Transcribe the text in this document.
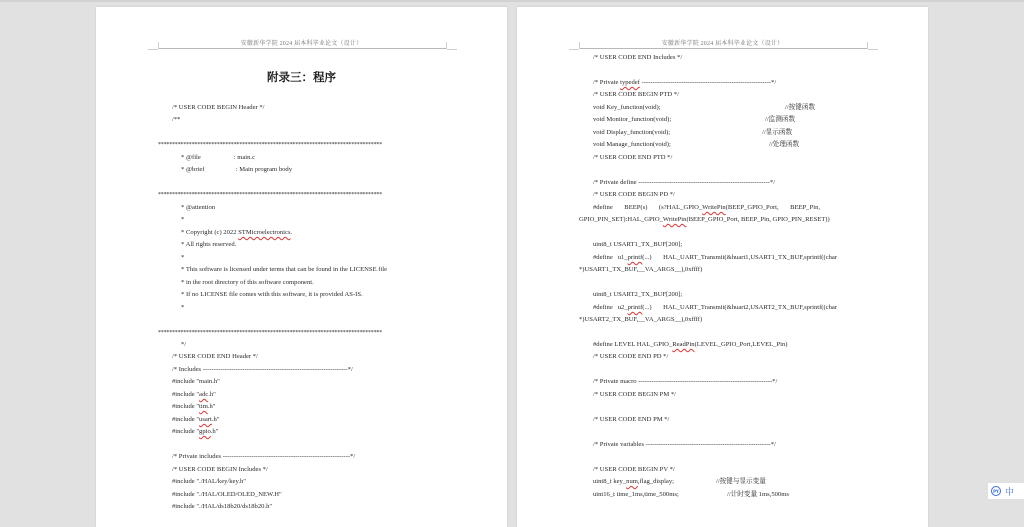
安徽新华学院 2024 届本科毕业论文（设计）
附录三：程序
/* USER CODE BEGIN Header */
/**
********************************************************************************
* @file                    : main.c
* @brief                   : Main program body
********************************************************************************
* @attention
*
* Copyright (c) 2022 STMicroelectronics.
* All rights reserved.
*
* This software is licensed under terms that can be found in the LICENSE file
* in the root directory of this software component.
* If no LICENSE file comes with this software, it is provided AS-IS.
*
********************************************************************************
*/
/* USER CODE END Header */
/* Includes ------------------------------------------------------------------*/
#include "main.h"
#include "adc.h"
#include "tim.h"
#include "usart.h"
#include "gpio.h"
/* Private includes ----------------------------------------------------------*/
/* USER CODE BEGIN Includes */
#include "./HAL/key/key.h"
#include "./HAL/OLED/OLED_NEW.H"
#include "./HAL/ds18b20/ds18b20.h"
安徽新华学院 2024 届本科毕业论文（设计）
/* USER CODE END Includes */
/* Private typedef -----------------------------------------------------------*/
/* USER CODE BEGIN PTD */
void Key_function(void);	//按键函数
void Monitor_function(void);	//监测函数
void Display_function(void);	//显示函数
void Manage_function(void);	//处理函数
/* USER CODE END PTD */
/* Private define ------------------------------------------------------------*/
/* USER CODE BEGIN PD */
#define       BEEP(s)       (s?HAL_GPIO_WritePin(BEEP_GPIO_Port,       BEEP_Pin,
GPIO_PIN_SET):HAL_GPIO_WritePin(BEEP_GPIO_Port, BEEP_Pin, GPIO_PIN_RESET))
uint8_t USART1_TX_BUF[200];
#define   u1_printf(...)       HAL_UART_Transmit(&huart1,USART1_TX_BUF,sprintf((char
*)USART1_TX_BUF,__VA_ARGS__),0xffff)
uint8_t USART2_TX_BUF[200];
#define   u2_printf(...)       HAL_UART_Transmit(&huart2,USART2_TX_BUF,sprintf((char
*)USART2_TX_BUF,__VA_ARGS__),0xffff)
#define LEVEL HAL_GPIO_ReadPin(LEVEL_GPIO_Port,LEVEL_Pin)
/* USER CODE END PD */
/* Private macro -------------------------------------------------------------*/
/* USER CODE BEGIN PM */
/* USER CODE END PM */
/* Private variables ---------------------------------------------------------*/
/* USER CODE BEGIN PV */
uint8_t key_num,flag_display;	//按键与显示变量
uint16_t time_1ms,time_500ms;	//计时变量 1ms,500ms	PY 中
